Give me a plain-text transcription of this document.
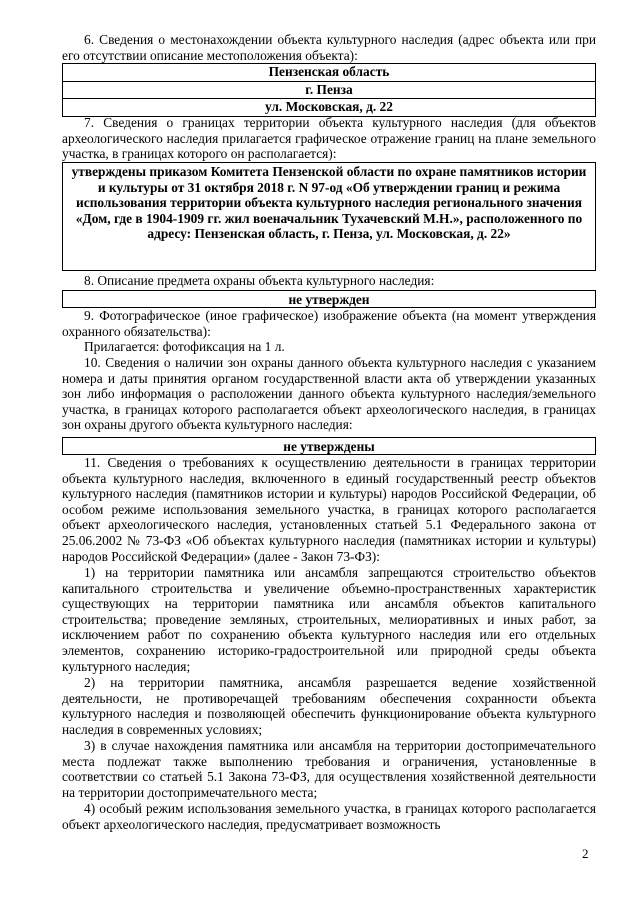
6. Сведения о местонахождении объекта культурного наследия (адрес объекта или при его отсутствии описание местоположения объекта):

Пензенская область
г. Пенза
ул. Московская, д. 22

7. Сведения о границах территории объекта культурного наследия (для объектов археологического наследия прилагается графическое отражение границ на плане земельного участка, в границах которого он располагается):

утверждены приказом Комитета Пензенской области по охране памятников истории и культуры от 31 октября 2018 г. N 97-од «Об утверждении границ и режима использования территории объекта культурного наследия регионального значения «Дом, где в 1904-1909 гг. жил военачальник Тухачевский М.Н.», расположенного по адресу: Пензенская область, г. Пенза, ул. Московская, д. 22»

8. Описание предмета охраны объекта культурного наследия:

не утвержден

9. Фотографическое (иное графическое) изображение объекта (на момент утверждения охранного обязательства):

Прилагается: фотофиксация на 1 л.

10. Сведения о наличии зон охраны данного объекта культурного наследия с указанием номера и даты принятия органом государственной власти акта об утверждении указанных зон либо информация о расположении данного объекта культурного наследия/земельного участка, в границах которого располагается объект археологического наследия, в границах зон охраны другого объекта культурного наследия:

не утверждены

11. Сведения о требованиях к осуществлению деятельности в границах территории объекта культурного наследия, включенного в единый государственный реестр объектов культурного наследия (памятников истории и культуры) народов Российской Федерации, об особом режиме использования земельного участка, в границах которого располагается объект археологического наследия, установленных статьей 5.1 Федерального закона от 25.06.2002 № 73-ФЗ «Об объектах культурного наследия (памятниках истории и культуры) народов Российской Федерации» (далее - Закон 73-ФЗ):

1) на территории памятника или ансамбля запрещаются строительство объектов капитального строительства и увеличение объемно-пространственных характеристик существующих на территории памятника или ансамбля объектов капитального строительства; проведение земляных, строительных, мелиоративных и иных работ, за исключением работ по сохранению объекта культурного наследия или его отдельных элементов, сохранению историко-градостроительной или природной среды объекта культурного наследия;

2) на территории памятника, ансамбля разрешается ведение хозяйственной деятельности, не противоречащей требованиям обеспечения сохранности объекта культурного наследия и позволяющей обеспечить функционирование объекта культурного наследия в современных условиях;

3) в случае нахождения памятника или ансамбля на территории достопримечательного места подлежат также выполнению требования и ограничения, установленные в соответствии со статьей 5.1 Закона 73-ФЗ, для осуществления хозяйственной деятельности на территории достопримечательного места;

4) особый режим использования земельного участка, в границах которого располагается объект археологического наследия, предусматривает возможность

2
